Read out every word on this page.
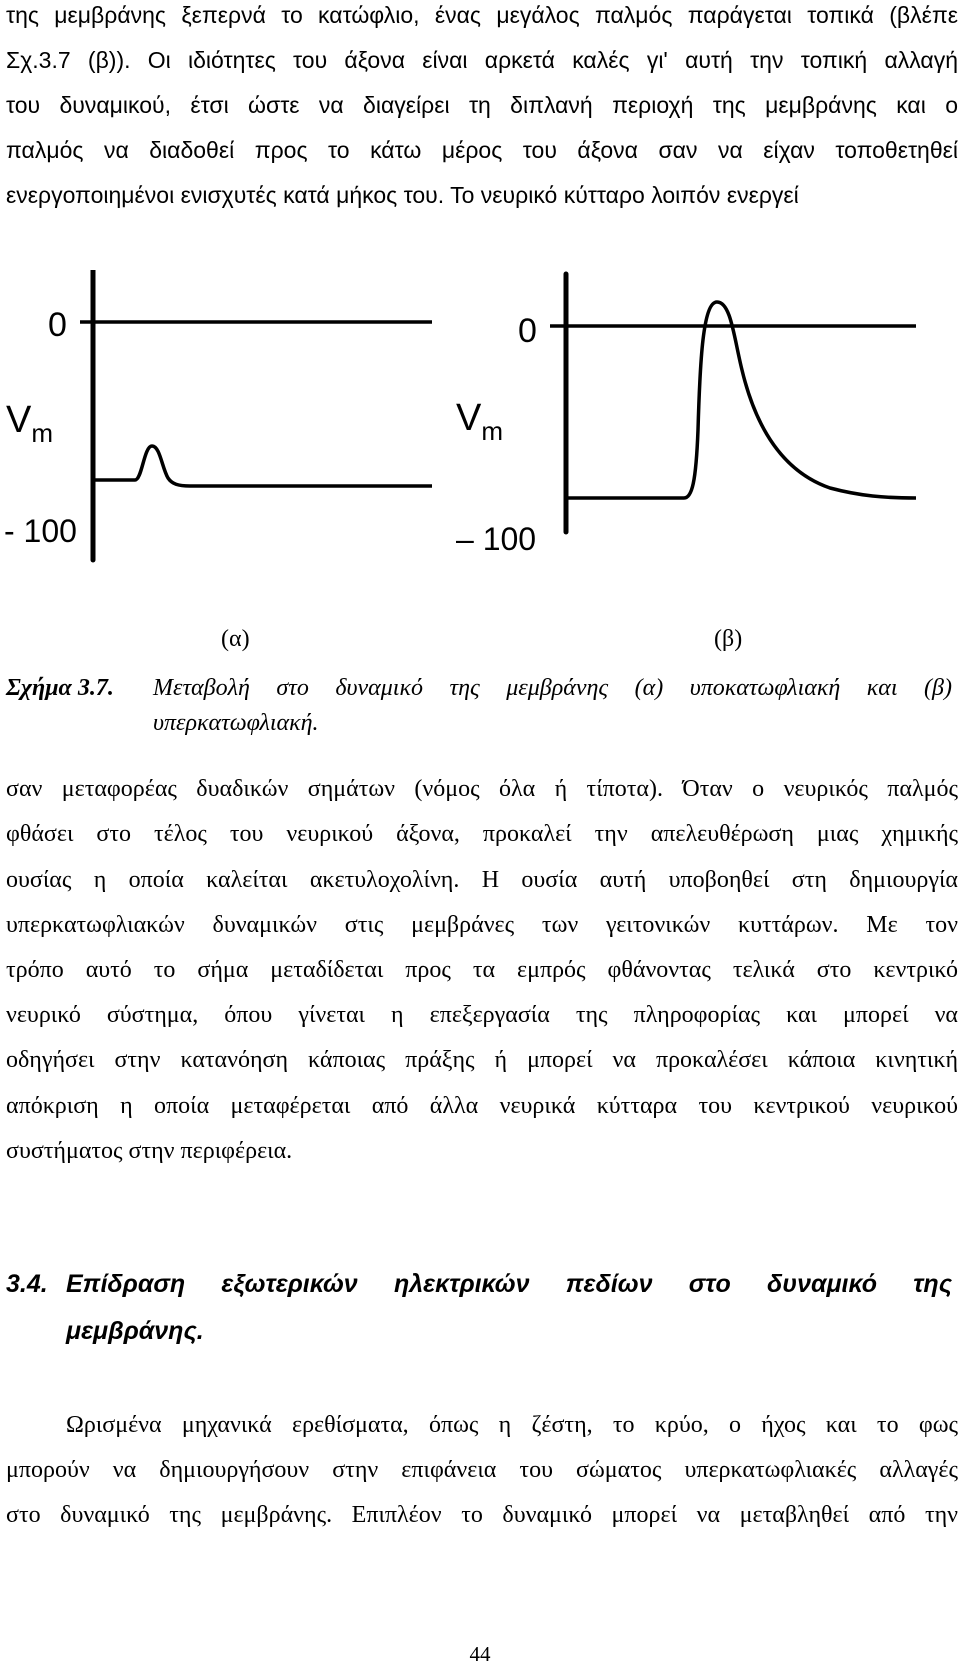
της μεμβράνης ξεπερνά το κατώφλιο, ένας μεγάλος παλμός παράγεται τοπικά (βλέπε

Σχ.3.7 (β)). Οι ιδιότητες του άξονα είναι αρκετά καλές γι' αυτή την τοπική αλλαγή

του δυναμικού, έτσι ώστε να διαγείρει τη διπλανή περιοχή της μεμβράνης και ο

παλμός να διαδοθεί προς το κάτω μέρος του άξονα σαν να είχαν τοποθετηθεί

ενεργοποιημένοι ενισχυτές κατά μήκος του. Το νευρικό κύτταρο λοιπόν ενεργεί

0
$V_m$
- 100
0
$V_m$
– 100
(α)	(β)
Σχήμα 3.7. Μεταβολή στο δυναμικό της μεμβράνης (α) υποκατωφλιακή και (β)
υπερκατωφλιακή.

σαν μεταφορέας δυαδικών σημάτων (νόμος όλα ή τίποτα). Όταν ο νευρικός παλμός

φθάσει στο τέλος του νευρικού άξονα, προκαλεί την απελευθέρωση μιας χημικής

ουσίας η οποία καλείται ακετυλοχολίνη. Η ουσία αυτή υποβοηθεί στη δημιουργία

υπερκατωφλιακών δυναμικών στις μεμβράνες των γειτονικών κυττάρων. Με τον

τρόπο αυτό το σήμα μεταδίδεται προς τα εμπρός φθάνοντας τελικά στο κεντρικό

νευρικό σύστημα, όπου γίνεται η επεξεργασία της πληροφορίας και μπορεί να

οδηγήσει στην κατανόηση κάποιας πράξης ή μπορεί να προκαλέσει κάποια κινητική

απόκριση η οποία μεταφέρεται από άλλα νευρικά κύτταρα του κεντρικού νευρικού

συστήματος στην περιφέρεια.

3.4. Επίδραση εξωτερικών ηλεκτρικών πεδίων στο δυναμικό της
μεμβράνης.

Ωρισμένα μηχανικά ερεθίσματα, όπως η ζέστη, το κρύο, ο ήχος και το φως

μπορούν να δημιουργήσουν στην επιφάνεια του σώματος υπερκατωφλιακές αλλαγές

στο δυναμικό της μεμβράνης. Επιπλέον το δυναμικό μπορεί να μεταβληθεί από την

44
